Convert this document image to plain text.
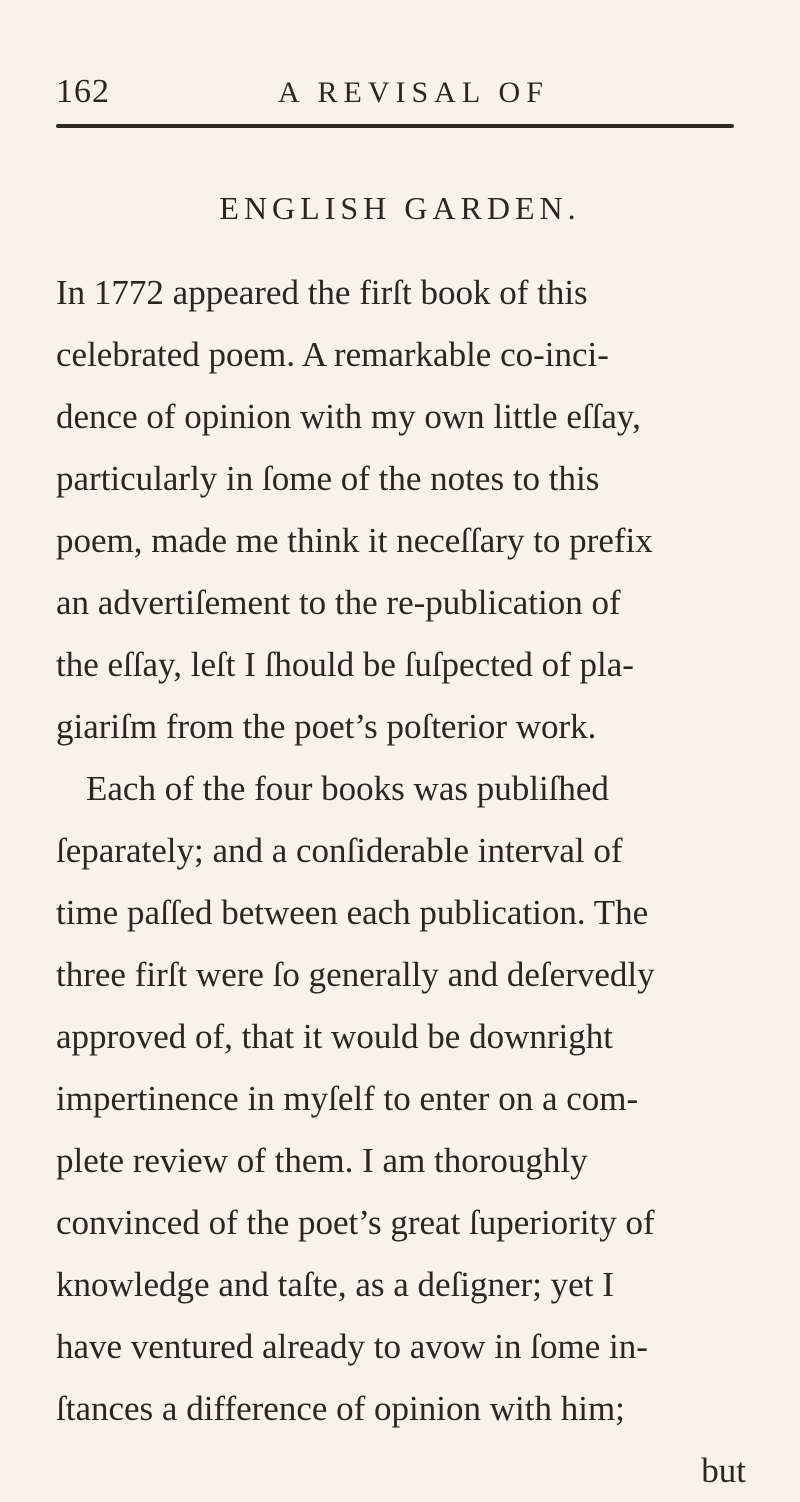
162	A REVISAL OF
ENGLISH GARDEN.
In 1772 appeared the firſt book of this
celebrated poem. A remarkable co-inci-
dence of opinion with my own little eſſay,
particularly in ſome of the notes to this
poem, made me think it neceſſary to prefix
an advertiſement to the re-publication of
the eſſay, leſt I ſhould be ſuſpected of pla-
giariſm from the poet’s poſterior work.
Each of the four books was publiſhed
ſeparately; and a conſiderable interval of
time paſſed between each publication. The
three firſt were ſo generally and deſervedly
approved of, that it would be downright
impertinence in myſelf to enter on a com-
plete review of them. I am thoroughly
convinced of the poet’s great ſuperiority of
knowledge and taſte, as a deſigner; yet I
have ventured already to avow in ſome in-
ſtances a difference of opinion with him;
but
